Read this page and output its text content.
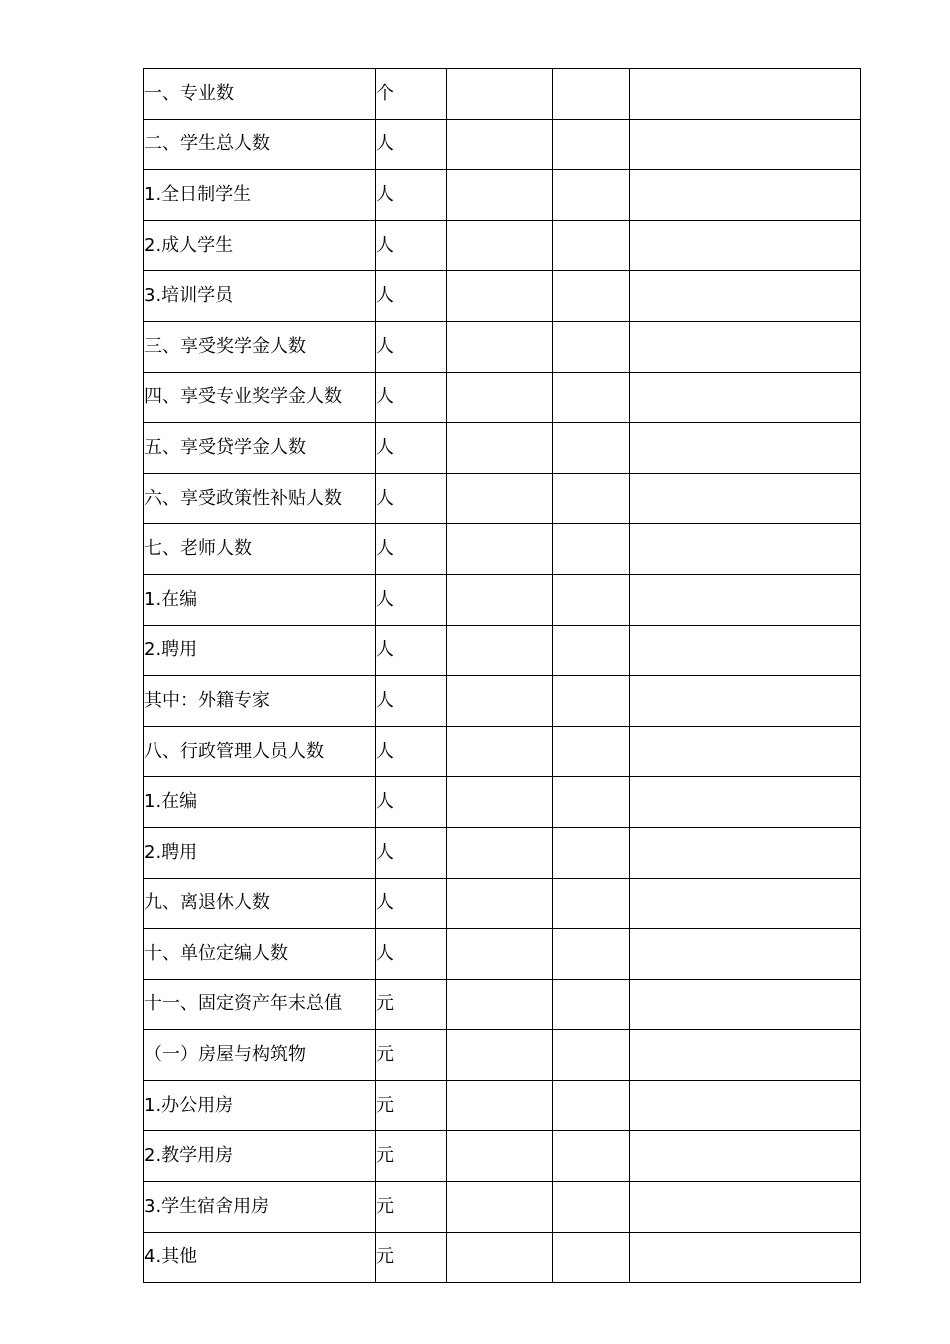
一、专业数	个			
二、学生总人数	人			
1.全日制学生	人			
2.成人学生	人			
3.培训学员	人			
三、享受奖学金人数	人			
四、享受专业奖学金人数	人			
五、享受贷学金人数	人			
六、享受政策性补贴人数	人			
七、老师人数	人			
1.在编	人			
2.聘用	人			
其中：外籍专家	人			
八、行政管理人员人数	人			
1.在编	人			
2.聘用	人			
九、离退休人数	人			
十、单位定编人数	人			
十一、固定资产年末总值	元			
（一）房屋与构筑物	元			
1.办公用房	元			
2.教学用房	元			
3.学生宿舍用房	元			
4.其他	元			
